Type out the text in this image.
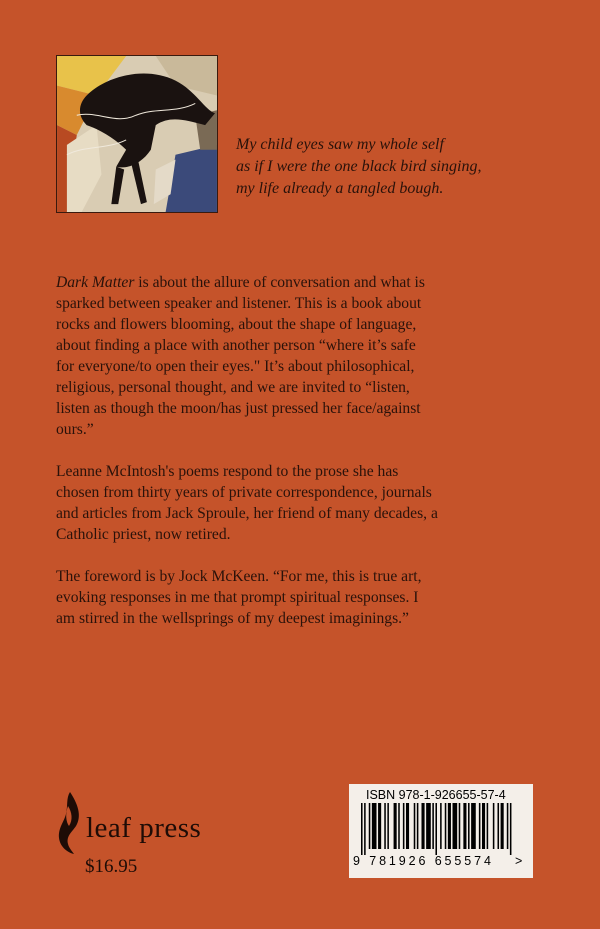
My child eyes saw my whole self
as if I were the one black bird singing,
my life already a tangled bough.

Dark Matter is about the allure of conversation and what is
sparked between speaker and listener. This is a book about
rocks and flowers blooming, about the shape of language,
about finding a place with another person “where it’s safe
for everyone/to open their eyes." It’s about philosophical,
religious, personal thought, and we are invited to “listen,
listen as though the moon/has just pressed her face/against
ours.”

Leanne McIntosh's poems respond to the prose she has
chosen from thirty years of private correspondence, journals
and articles from Jack Sproule, her friend of many decades, a
Catholic priest, now retired.

The foreword is by Jock McKeen. “For me, this is true art,
evoking responses in me that prompt spiritual responses. I
am stirred in the wellsprings of my deepest imaginings.”

leaf press
$16.95
ISBN 978-1-926655-57-4
9 781926 655574 >
